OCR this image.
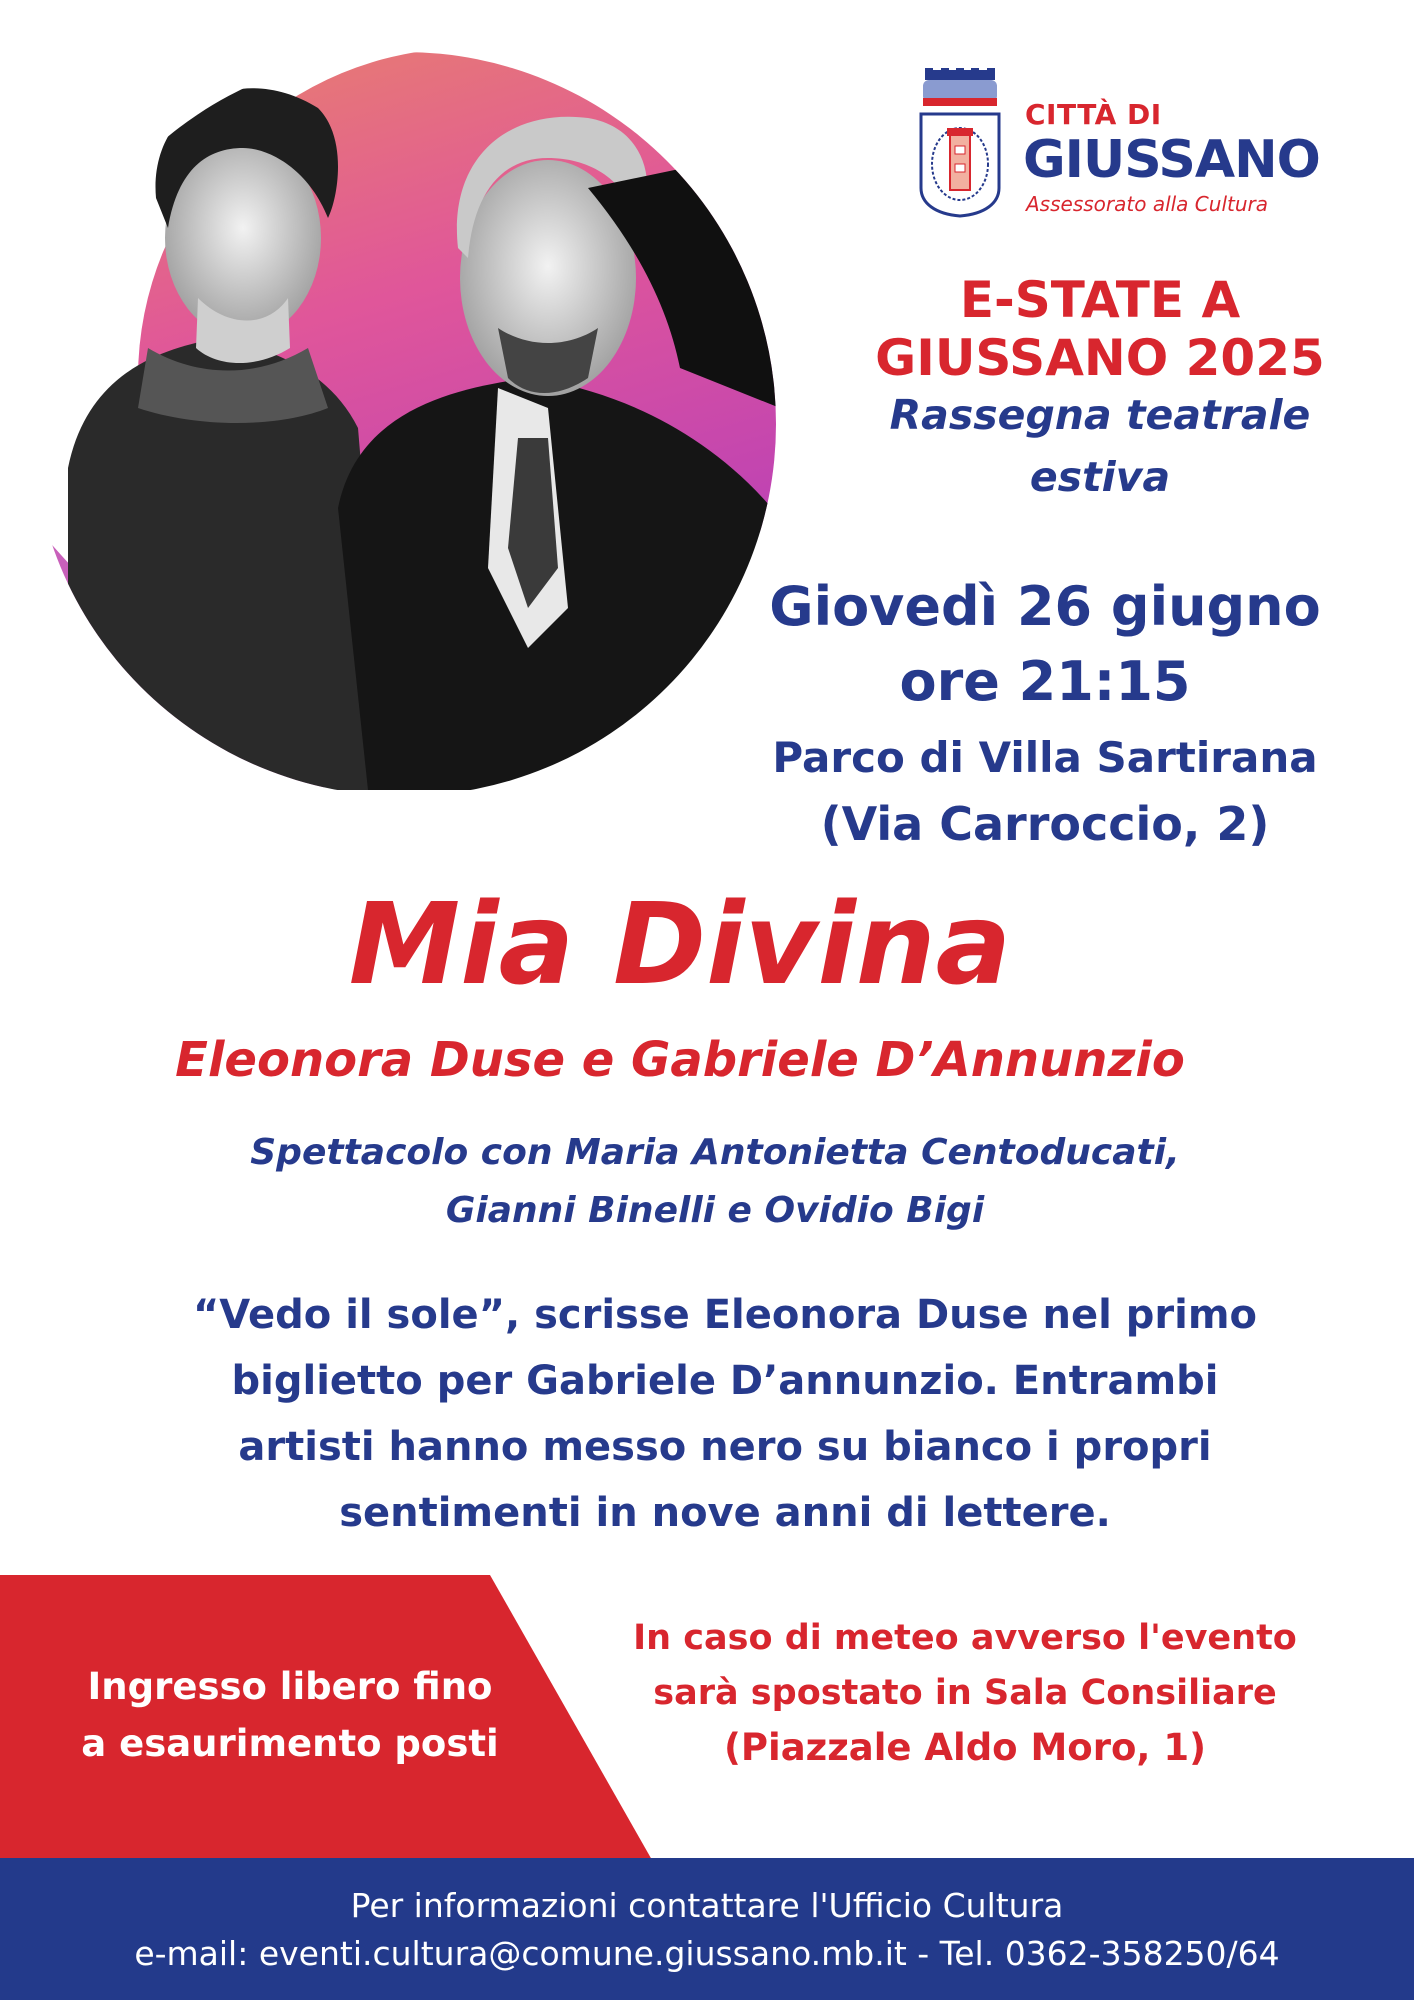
CITTÀ DI
GIUSSANO
Assessorato alla Cultura
E-STATE A
GIUSSANO 2025
Rassegna teatrale
estiva
Giovedì 26 giugno
ore 21:15
Parco di Villa Sartirana
(Via Carroccio, 2)
Mia Divina
Eleonora Duse e Gabriele D’Annunzio
Spettacolo con Maria Antonietta Centoducati,
Gianni Binelli e Ovidio Bigi
“Vedo il sole”, scrisse Eleonora Duse nel primo
biglietto per Gabriele D’annunzio. Entrambi
artisti hanno messo nero su bianco i propri
sentimenti in nove anni di lettere.
Ingresso libero fino
a esaurimento posti
In caso di meteo avverso l'evento
sarà spostato in Sala Consiliare
(Piazzale Aldo Moro, 1)
Per informazioni contattare l'Ufficio Cultura
e-mail: eventi.cultura@comune.giussano.mb.it - Tel. 0362-358250/64
